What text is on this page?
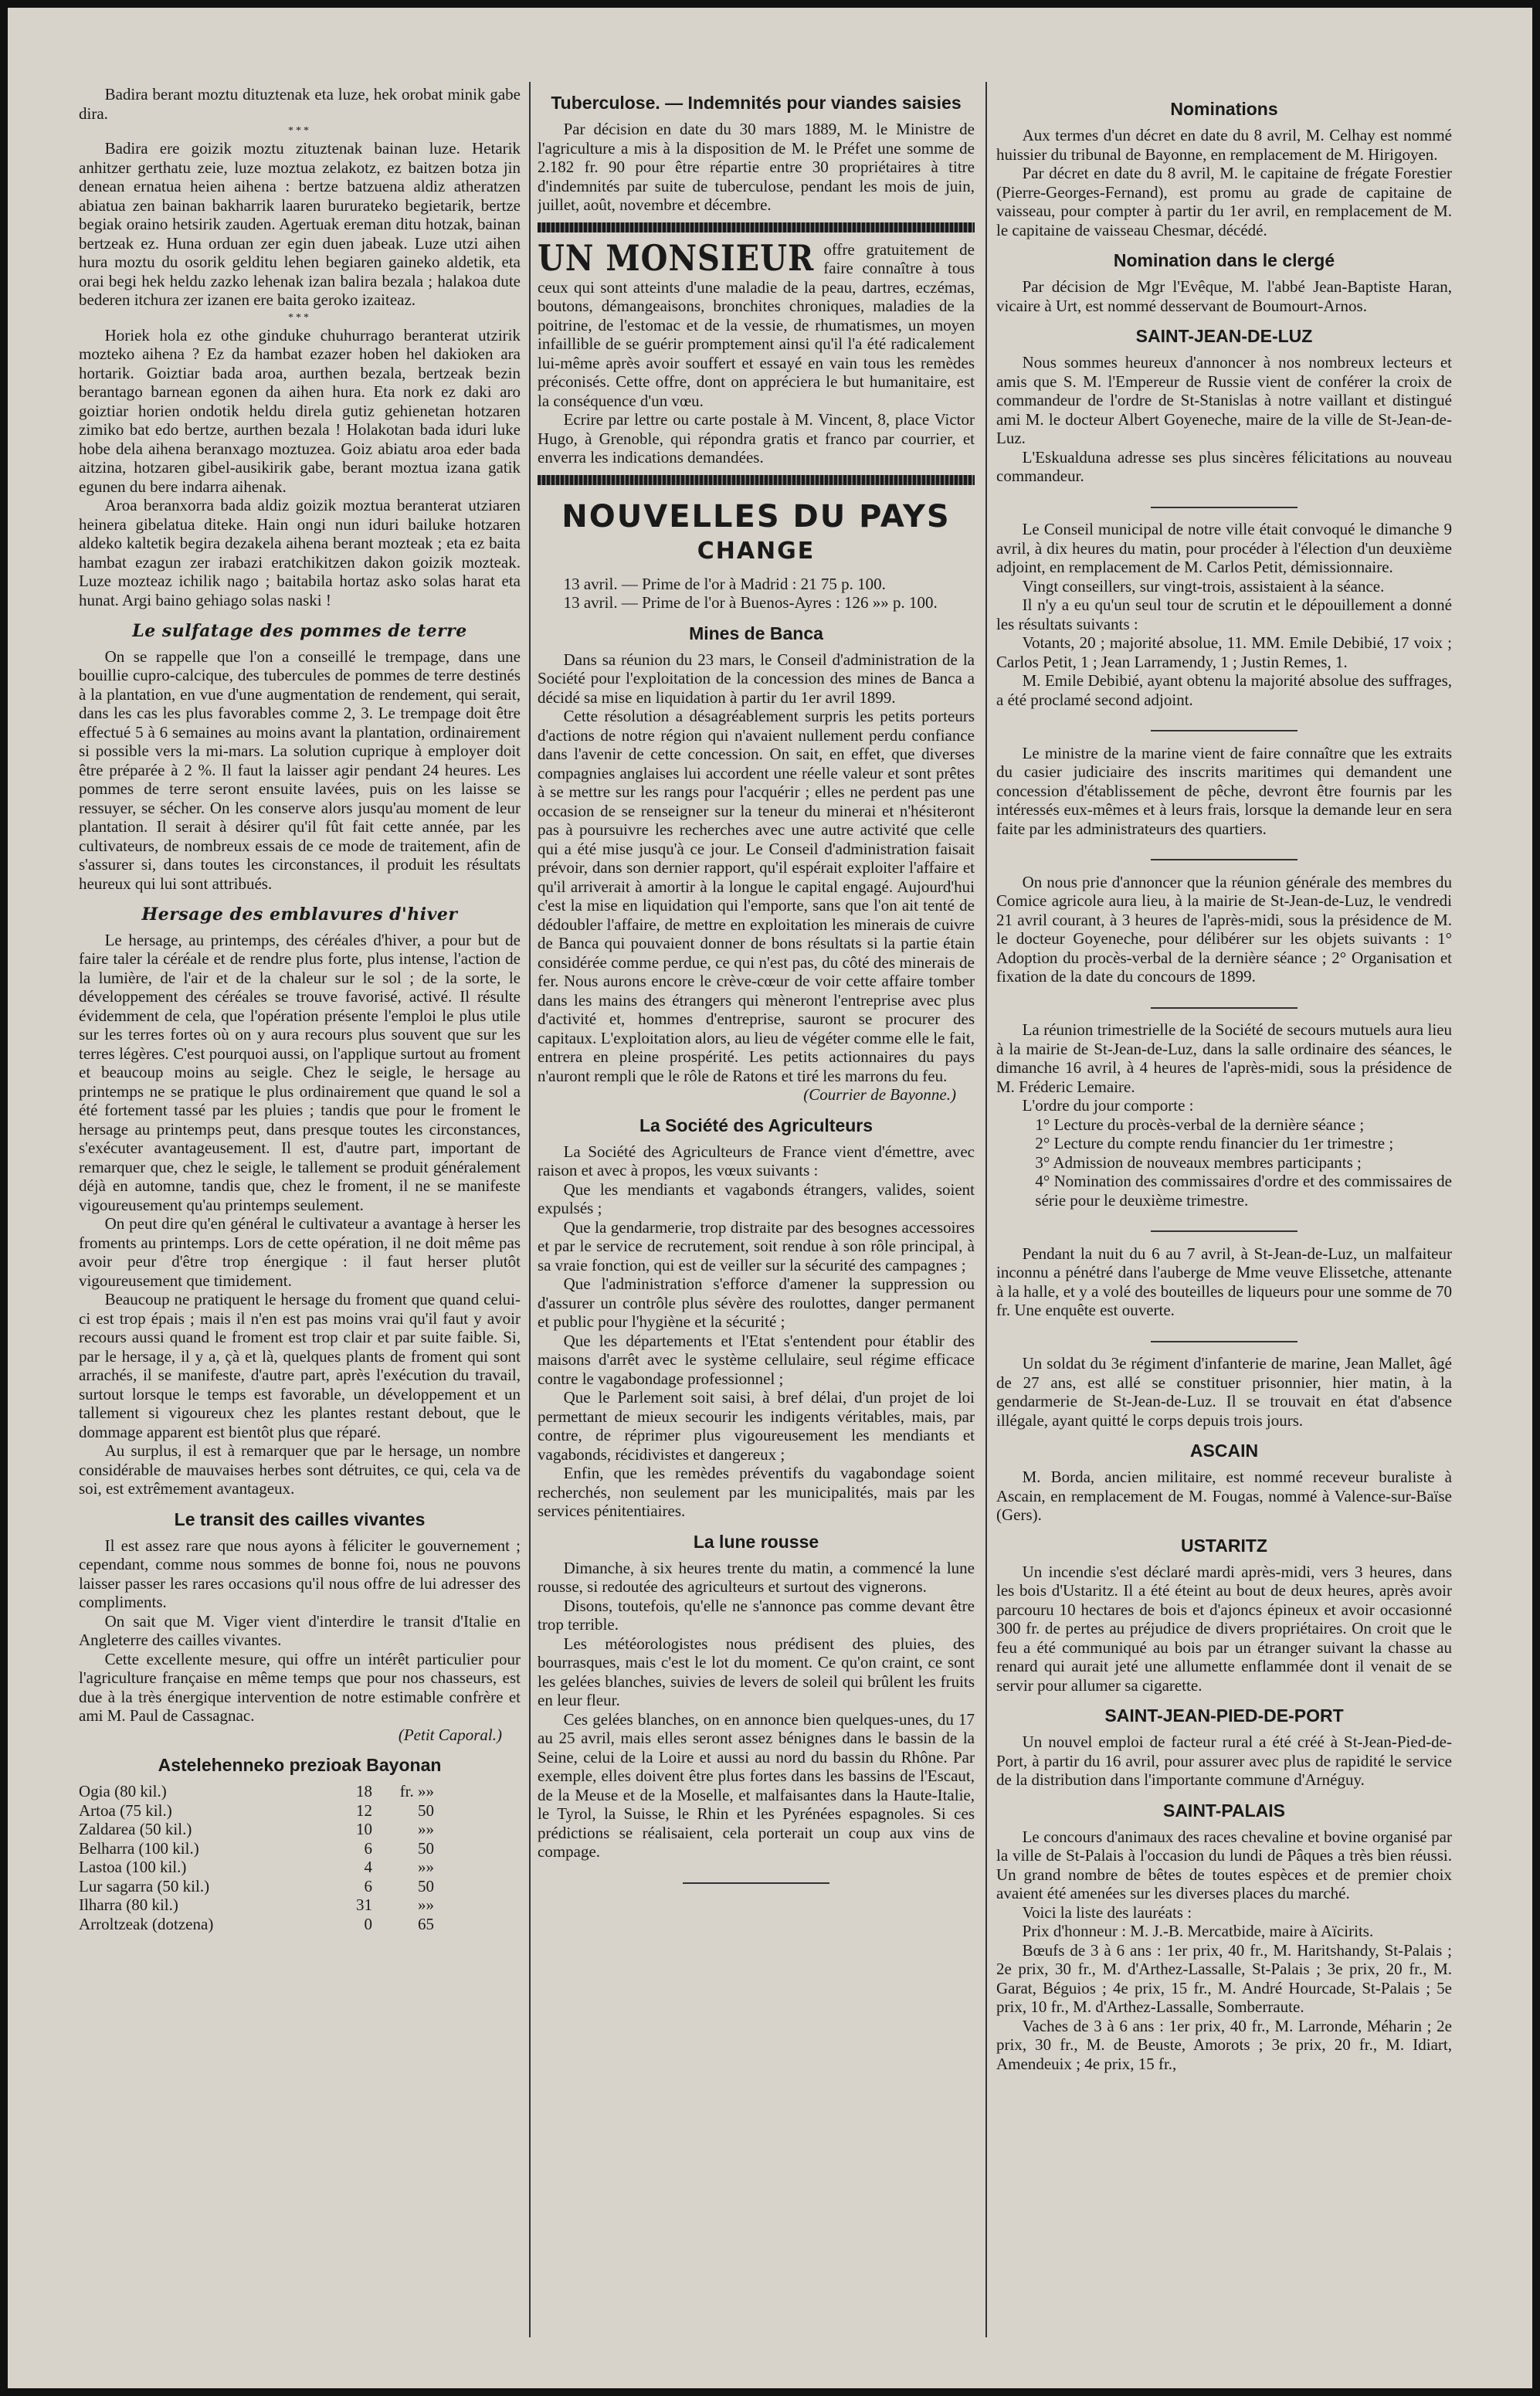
Badira berant moztu dituztenak eta luze, hek orobat minik gabe dira.

***

Badira ere goizik moztu zituztenak bainan luze. Hetarik anhitzer gerthatu zeie, luze moztua zelakotz, ez baitzen botza jin denean ernatua heien aihena : bertze batzuena aldiz atheratzen abiatua zen bainan bakharrik laaren bururateko begietarik, bertze begiak oraino hetsirik zauden. Agertuak ereman ditu hotzak, bainan bertzeak ez. Huna orduan zer egin duen jabeak. Luze utzi aihen hura moztu du osorik gelditu lehen begiaren gaineko aldetik, eta orai begi hek heldu zazko lehenak izan balira bezala ; halakoa dute bederen itchura zer izanen ere baita geroko izaiteaz.

***

Horiek hola ez othe ginduke chuhurrago beranterat utzirik mozteko aihena ? Ez da hambat ezazer hoben hel dakioken ara hortarik. Goiztiar bada aroa, aurthen bezala, bertzeak bezin berantago barnean egonen da aihen hura. Eta nork ez daki aro goiztiar horien ondotik heldu direla gutiz gehienetan hotzaren zimiko bat edo bertze, aurthen bezala ! Holakotan bada iduri luke hobe dela aihena beranxago moztuzea. Goiz abiatu aroa eder bada aitzina, hotzaren gibel-ausikirik gabe, berant moztua izana gatik egunen du bere indarra aihenak.

Aroa beranxorra bada aldiz goizik moztua beranterat utziaren heinera gibelatua diteke. Hain ongi nun iduri bailuke hotzaren aldeko kaltetik begira dezakela aihena berant mozteak ; eta ez baita hambat ezagun zer irabazi eratchikitzen dakon goizik mozteak. Luze mozteaz ichilik nago ; baitabila hortaz asko solas harat eta hunat. Argi baino gehiago solas naski !

Le sulfatage des pommes de terre

On se rappelle que l'on a conseillé le trempage, dans une bouillie cupro-calcique, des tubercules de pommes de terre destinés à la plantation, en vue d'une augmentation de rendement, qui serait, dans les cas les plus favorables comme 2, 3. Le trempage doit être effectué 5 à 6 semaines au moins avant la plantation, ordinairement si possible vers la mi-mars. La solution cuprique à employer doit être préparée à 2 %. Il faut la laisser agir pendant 24 heures. Les pommes de terre seront ensuite lavées, puis on les laisse se ressuyer, se sécher. On les conserve alors jusqu'au moment de leur plantation. Il serait à désirer qu'il fût fait cette année, par les cultivateurs, de nombreux essais de ce mode de traitement, afin de s'assurer si, dans toutes les circonstances, il produit les résultats heureux qui lui sont attribués.

Hersage des emblavures d'hiver

Le hersage, au printemps, des céréales d'hiver, a pour but de faire taler la céréale et de rendre plus forte, plus intense, l'action de la lumière, de l'air et de la chaleur sur le sol ; de la sorte, le développement des céréales se trouve favorisé, activé. Il résulte évidemment de cela, que l'opération présente l'emploi le plus utile sur les terres fortes où on y aura recours plus souvent que sur les terres légères. C'est pourquoi aussi, on l'applique surtout au froment et beaucoup moins au seigle. Chez le seigle, le hersage au printemps ne se pratique le plus ordinairement que quand le sol a été fortement tassé par les pluies ; tandis que pour le froment le hersage au printemps peut, dans presque toutes les circonstances, s'exécuter avantageusement. Il est, d'autre part, important de remarquer que, chez le seigle, le tallement se produit généralement déjà en automne, tandis que, chez le froment, il ne se manifeste vigoureusement qu'au printemps seulement.

On peut dire qu'en général le cultivateur a avantage à herser les froments au printemps. Lors de cette opération, il ne doit même pas avoir peur d'être trop énergique : il faut herser plutôt vigoureusement que timidement.

Beaucoup ne pratiquent le hersage du froment que quand celui-ci est trop épais ; mais il n'en est pas moins vrai qu'il faut y avoir recours aussi quand le froment est trop clair et par suite faible. Si, par le hersage, il y a, çà et là, quelques plants de froment qui sont arrachés, il se manifeste, d'autre part, après l'exécution du travail, surtout lorsque le temps est favorable, un développement et un tallement si vigoureux chez les plantes restant debout, que le dommage apparent est bientôt plus que réparé.

Au surplus, il est à remarquer que par le hersage, un nombre considérable de mauvaises herbes sont détruites, ce qui, cela va de soi, est extrêmement avantageux.

Le transit des cailles vivantes

Il est assez rare que nous ayons à féliciter le gouvernement ; cependant, comme nous sommes de bonne foi, nous ne pouvons laisser passer les rares occasions qu'il nous offre de lui adresser des compliments.

On sait que M. Viger vient d'interdire le transit d'Italie en Angleterre des cailles vivantes.

Cette excellente mesure, qui offre un intérêt particulier pour l'agriculture française en même temps que pour nos chasseurs, est due à la très énergique intervention de notre estimable confrère et ami M. Paul de Cassagnac.

(Petit Caporal.)
Astelehenneko prezioak Bayonan
Ogia (80 kil.)	18	fr. »»
Artoa (75 kil.)	12	50
Zaldarea (50 kil.)	10	»»
Belharra (100 kil.)	6	50
Lastoa (100 kil.)	4	»»
Lur sagarra (50 kil.)	6	50
Ilharra (80 kil.)	31	»»
Arroltzeak (dotzena)	0	65
Tuberculose. — Indemnités pour viandes saisies

Par décision en date du 30 mars 1889, M. le Ministre de l'agriculture a mis à la disposition de M. le Préfet une somme de 2.182 fr. 90 pour être répartie entre 30 propriétaires à titre d'indemnités par suite de tuberculose, pendant les mois de juin, juillet, août, novembre et décembre.

UN MONSIEUR offre gratuitement de faire connaître à tous ceux qui sont atteints d'une maladie de la peau, dartres, eczémas, boutons, démangeaisons, bronchites chroniques, maladies de la poitrine, de l'estomac et de la vessie, de rhumatismes, un moyen infaillible de se guérir promptement ainsi qu'il l'a été radicalement lui-même après avoir souffert et essayé en vain tous les remèdes préconisés. Cette offre, dont on appréciera le but humanitaire, est la conséquence d'un vœu.

Ecrire par lettre ou carte postale à M. Vincent, 8, place Victor Hugo, à Grenoble, qui répondra gratis et franco par courrier, et enverra les indications demandées.

NOUVELLES DU PAYS
CHANGE

13 avril. — Prime de l'or à Madrid : 21 75 p. 100.

13 avril. — Prime de l'or à Buenos-Ayres : 126 »» p. 100.

Mines de Banca

Dans sa réunion du 23 mars, le Conseil d'administration de la Société pour l'exploitation de la concession des mines de Banca a décidé sa mise en liquidation à partir du 1er avril 1899.

Cette résolution a désagréablement surpris les petits porteurs d'actions de notre région qui n'avaient nullement perdu confiance dans l'avenir de cette concession. On sait, en effet, que diverses compagnies anglaises lui accordent une réelle valeur et sont prêtes à se mettre sur les rangs pour l'acquérir ; elles ne perdent pas une occasion de se renseigner sur la teneur du minerai et n'hésiteront pas à poursuivre les recherches avec une autre activité que celle qui a été mise jusqu'à ce jour. Le Conseil d'administration faisait prévoir, dans son dernier rapport, qu'il espérait exploiter l'affaire et qu'il arriverait à amortir à la longue le capital engagé. Aujourd'hui c'est la mise en liquidation qui l'emporte, sans que l'on ait tenté de dédoubler l'affaire, de mettre en exploitation les minerais de cuivre de Banca qui pouvaient donner de bons résultats si la partie étain considérée comme perdue, ce qui n'est pas, du côté des minerais de fer. Nous aurons encore le crève-cœur de voir cette affaire tomber dans les mains des étrangers qui mèneront l'entreprise avec plus d'activité et, hommes d'entreprise, sauront se procurer des capitaux. L'exploitation alors, au lieu de végéter comme elle le fait, entrera en pleine prospérité. Les petits actionnaires du pays n'auront rempli que le rôle de Ratons et tiré les marrons du feu.

(Courrier de Bayonne.)
La Société des Agriculteurs

La Société des Agriculteurs de France vient d'émettre, avec raison et avec à propos, les vœux suivants :

Que les mendiants et vagabonds étrangers, valides, soient expulsés ;

Que la gendarmerie, trop distraite par des besognes accessoires et par le service de recrutement, soit rendue à son rôle principal, à sa vraie fonction, qui est de veiller sur la sécurité des campagnes ;

Que l'administration s'efforce d'amener la suppression ou d'assurer un contrôle plus sévère des roulottes, danger permanent et public pour l'hygiène et la sécurité ;

Que les départements et l'Etat s'entendent pour établir des maisons d'arrêt avec le système cellulaire, seul régime efficace contre le vagabondage professionnel ;

Que le Parlement soit saisi, à bref délai, d'un projet de loi permettant de mieux secourir les indigents véritables, mais, par contre, de réprimer plus vigoureusement les mendiants et vagabonds, récidivistes et dangereux ;

Enfin, que les remèdes préventifs du vagabondage soient recherchés, non seulement par les municipalités, mais par les services pénitentiaires.

La lune rousse

Dimanche, à six heures trente du matin, a commencé la lune rousse, si redoutée des agriculteurs et surtout des vignerons.

Disons, toutefois, qu'elle ne s'annonce pas comme devant être trop terrible.

Les météorologistes nous prédisent des pluies, des bourrasques, mais c'est le lot du moment. Ce qu'on craint, ce sont les gelées blanches, suivies de levers de soleil qui brûlent les fruits en leur fleur.

Ces gelées blanches, on en annonce bien quelques-unes, du 17 au 25 avril, mais elles seront assez bénignes dans le bassin de la Seine, celui de la Loire et aussi au nord du bassin du Rhône. Par exemple, elles doivent être plus fortes dans les bassins de l'Escaut, de la Meuse et de la Moselle, et malfaisantes dans la Haute-Italie, le Tyrol, la Suisse, le Rhin et les Pyrénées espagnoles. Si ces prédictions se réalisaient, cela porterait un coup aux vins de compage.

Nominations

Aux termes d'un décret en date du 8 avril, M. Celhay est nommé huissier du tribunal de Bayonne, en remplacement de M. Hirigoyen.

Par décret en date du 8 avril, M. le capitaine de frégate Forestier (Pierre-Georges-Fernand), est promu au grade de capitaine de vaisseau, pour compter à partir du 1er avril, en remplacement de M. le capitaine de vaisseau Chesmar, décédé.

Nomination dans le clergé

Par décision de Mgr l'Evêque, M. l'abbé Jean-Baptiste Haran, vicaire à Urt, est nommé desservant de Boumourt-Arnos.

SAINT-JEAN-DE-LUZ

Nous sommes heureux d'annoncer à nos nombreux lecteurs et amis que S. M. l'Empereur de Russie vient de conférer la croix de commandeur de l'ordre de St-Stanislas à notre vaillant et distingué ami M. le docteur Albert Goyeneche, maire de la ville de St-Jean-de-Luz.

L'Eskualduna adresse ses plus sincères félicitations au nouveau commandeur.

Le Conseil municipal de notre ville était convoqué le dimanche 9 avril, à dix heures du matin, pour procéder à l'élection d'un deuxième adjoint, en remplacement de M. Carlos Petit, démissionnaire.

Vingt conseillers, sur vingt-trois, assistaient à la séance.

Il n'y a eu qu'un seul tour de scrutin et le dépouillement a donné les résultats suivants :

Votants, 20 ; majorité absolue, 11. MM. Emile Debibié, 17 voix ; Carlos Petit, 1 ; Jean Larramendy, 1 ; Justin Remes, 1.

M. Emile Debibié, ayant obtenu la majorité absolue des suffrages, a été proclamé second adjoint.

Le ministre de la marine vient de faire connaître que les extraits du casier judiciaire des inscrits maritimes qui demandent une concession d'établissement de pêche, devront être fournis par les intéressés eux-mêmes et à leurs frais, lorsque la demande leur en sera faite par les administrateurs des quartiers.

On nous prie d'annoncer que la réunion générale des membres du Comice agricole aura lieu, à la mairie de St-Jean-de-Luz, le vendredi 21 avril courant, à 3 heures de l'après-midi, sous la présidence de M. le docteur Goyeneche, pour délibérer sur les objets suivants : 1° Adoption du procès-verbal de la dernière séance ; 2° Organisation et fixation de la date du concours de 1899.

La réunion trimestrielle de la Société de secours mutuels aura lieu à la mairie de St-Jean-de-Luz, dans la salle ordinaire des séances, le dimanche 16 avril, à 4 heures de l'après-midi, sous la présidence de M. Fréderic Lemaire.

L'ordre du jour comporte :

1° Lecture du procès-verbal de la dernière séance ;

2° Lecture du compte rendu financier du 1er trimestre ;

3° Admission de nouveaux membres participants ;

4° Nomination des commissaires d'ordre et des commissaires de série pour le deuxième trimestre.

Pendant la nuit du 6 au 7 avril, à St-Jean-de-Luz, un malfaiteur inconnu a pénétré dans l'auberge de Mme veuve Elissetche, attenante à la halle, et y a volé des bouteilles de liqueurs pour une somme de 70 fr. Une enquête est ouverte.

Un soldat du 3e régiment d'infanterie de marine, Jean Mallet, âgé de 27 ans, est allé se constituer prisonnier, hier matin, à la gendarmerie de St-Jean-de-Luz. Il se trouvait en état d'absence illégale, ayant quitté le corps depuis trois jours.

ASCAIN

M. Borda, ancien militaire, est nommé receveur buraliste à Ascain, en remplacement de M. Fougas, nommé à Valence-sur-Baïse (Gers).

USTARITZ

Un incendie s'est déclaré mardi après-midi, vers 3 heures, dans les bois d'Ustaritz. Il a été éteint au bout de deux heures, après avoir parcouru 10 hectares de bois et d'ajoncs épineux et avoir occasionné 300 fr. de pertes au préjudice de divers propriétaires. On croit que le feu a été communiqué au bois par un étranger suivant la chasse au renard qui aurait jeté une allumette enflammée dont il venait de se servir pour allumer sa cigarette.

SAINT-JEAN-PIED-DE-PORT

Un nouvel emploi de facteur rural a été créé à St-Jean-Pied-de-Port, à partir du 16 avril, pour assurer avec plus de rapidité le service de la distribution dans l'importante commune d'Arnéguy.

SAINT-PALAIS

Le concours d'animaux des races chevaline et bovine organisé par la ville de St-Palais à l'occasion du lundi de Pâques a très bien réussi. Un grand nombre de bêtes de toutes espèces et de premier choix avaient été amenées sur les diverses places du marché.

Voici la liste des lauréats :

Prix d'honneur : M. J.-B. Mercatbide, maire à Aïcirits.

Bœufs de 3 à 6 ans : 1er prix, 40 fr., M. Haritshandy, St-Palais ; 2e prix, 30 fr., M. d'Arthez-Lassalle, St-Palais ; 3e prix, 20 fr., M. Garat, Béguios ; 4e prix, 15 fr., M. André Hourcade, St-Palais ; 5e prix, 10 fr., M. d'Arthez-Lassalle, Somberraute.

Vaches de 3 à 6 ans : 1er prix, 40 fr., M. Larronde, Méharin ; 2e prix, 30 fr., M. de Beuste, Amorots ; 3e prix, 20 fr., M. Idiart, Amendeuix ; 4e prix, 15 fr.,
